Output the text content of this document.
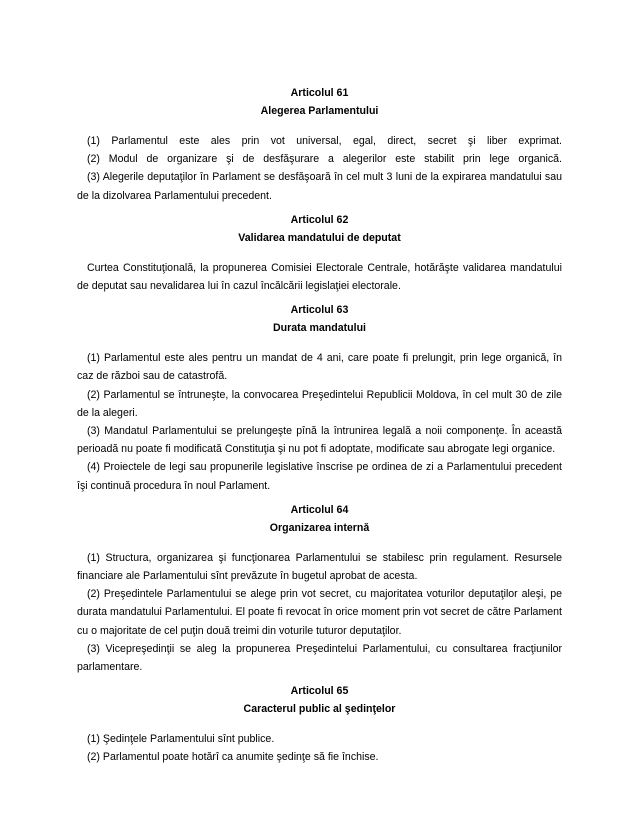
Articolul 61

Alegerea Parlamentului

(1) Parlamentul este ales prin vot universal, egal, direct, secret şi liber exprimat.

(2) Modul de organizare şi de desfăşurare a alegerilor este stabilit prin lege organică.

(3) Alegerile deputaţilor în Parlament se desfăşoară în cel mult 3 luni de la expirarea mandatului sau de la dizolvarea Parlamentului precedent.

Articolul 62

Validarea mandatului de deputat

Curtea Constituţională, la propunerea Comisiei Electorale Centrale, hotărăşte validarea mandatului de deputat sau nevalidarea lui în cazul încălcării legislaţiei electorale.

Articolul 63

Durata mandatului

(1) Parlamentul este ales pentru un mandat de 4 ani, care poate fi prelungit, prin lege organică, în caz de război sau de catastrofă.

(2) Parlamentul se întruneşte, la convocarea Preşedintelui Republicii Moldova, în cel mult 30 de zile de la alegeri.

(3) Mandatul Parlamentului se prelungeşte pînă la întrunirea legală a noii componenţe. În această perioadă nu poate fi modificată Constituţia şi nu pot fi adoptate, modificate sau abrogate legi organice.

(4) Proiectele de legi sau propunerile legislative înscrise pe ordinea de zi a Parlamentului precedent îşi continuă procedura în noul Parlament.

Articolul 64

Organizarea internă

(1) Structura, organizarea şi funcţionarea Parlamentului se stabilesc prin regulament. Resursele financiare ale Parlamentului sînt prevăzute în bugetul aprobat de acesta.

(2) Preşedintele Parlamentului se alege prin vot secret, cu majoritatea voturilor deputaţilor aleşi, pe durata mandatului Parlamentului. El poate fi revocat în orice moment prin vot secret de către Parlament cu o majoritate de cel puţin două treimi din voturile tuturor deputaţilor.

(3) Vicepreşedinţii se aleg la propunerea Preşedintelui Parlamentului, cu consultarea fracţiunilor parlamentare.

Articolul 65

Caracterul public al şedinţelor

(1) Şedinţele Parlamentului sînt publice.

(2) Parlamentul poate hotărî ca anumite şedinţe să fie închise.
